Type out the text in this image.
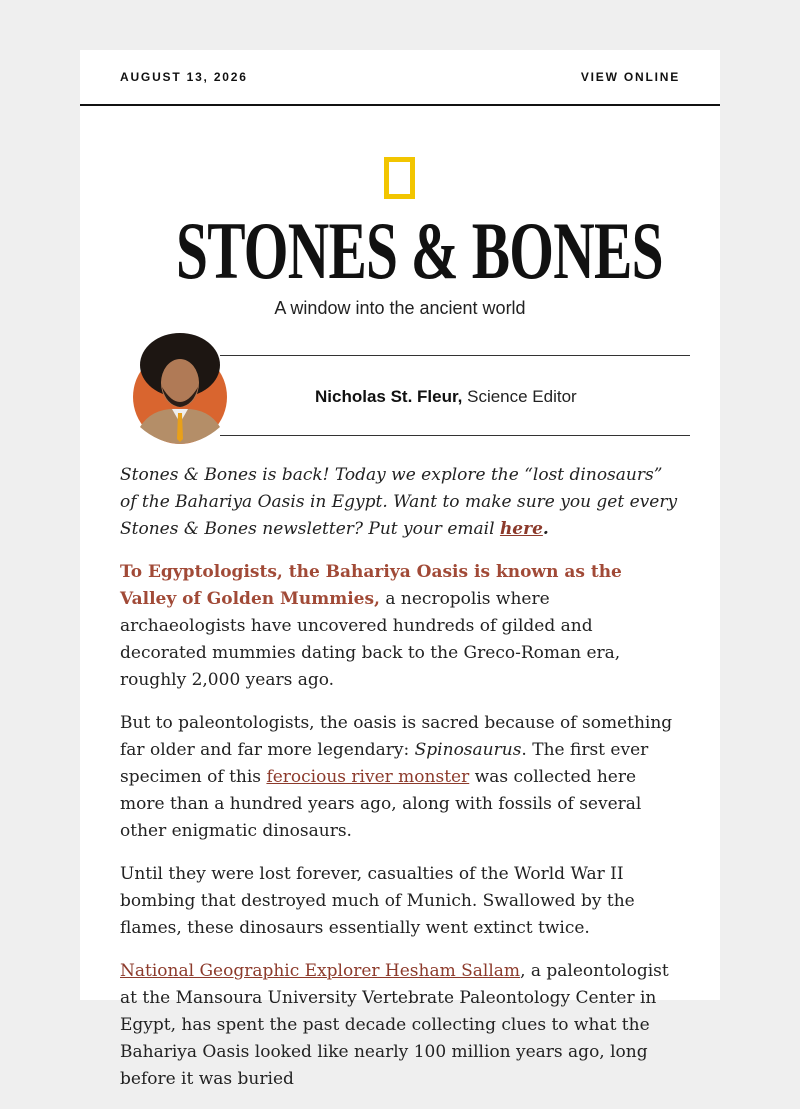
AUGUST 13, 2026	VIEW ONLINE
STONES & BONES
A window into the ancient world
Nicholas St. Fleur, Science Editor

Stones & Bones is back! Today we explore the “lost dinosaurs” of the Bahariya Oasis in Egypt. Want to make sure you get every Stones & Bones newsletter? Put your email here.

To Egyptologists, the Bahariya Oasis is known as the Valley of Golden Mummies, a necropolis where archaeologists have uncovered hundreds of gilded and decorated mummies dating back to the Greco-Roman era, roughly 2,000 years ago.

But to paleontologists, the oasis is sacred because of something far older and far more legendary: Spinosaurus. The first ever specimen of this ferocious river monster was collected here more than a hundred years ago, along with fossils of several other enigmatic dinosaurs.

Until they were lost forever, casualties of the World War II bombing that destroyed much of Munich. Swallowed by the flames, these dinosaurs essentially went extinct twice.

National Geographic Explorer Hesham Sallam, a paleontologist at the Mansoura University Vertebrate Paleontology Center in Egypt, has spent the past decade collecting clues to what the Bahariya Oasis looked like nearly 100 million years ago, long before it was buried
